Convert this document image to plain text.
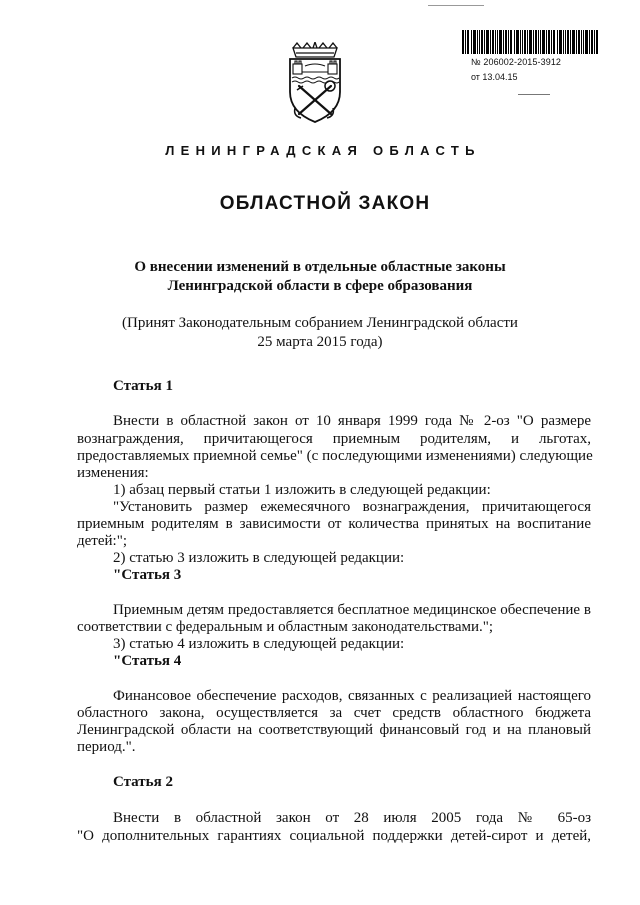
№ 206002-2015-3912
от 13.04.15
ЛЕНИНГРАДСКАЯ ОБЛАСТЬ
ОБЛАСТНОЙ ЗАКОН
О внесении изменений в отдельные областные законы
Ленинградской области в сфере образования
(Принят Законодательным собранием Ленинградской области
25 марта 2015 года)
Статья 1
Внести в областной закон от 10 января 1999 года № 2-оз "О размере
вознаграждения, причитающегося приемным родителям, и льготах,
предоставляемых приемной семье" (с последующими изменениями) следующие
изменения:
1) абзац первый статьи 1 изложить в следующей редакции:
"Установить размер ежемесячного вознаграждения, причитающегося
приемным родителям в зависимости от количества принятых на воспитание
детей:";
2) статью 3 изложить в следующей редакции:
"Статья 3
Приемным детям предоставляется бесплатное медицинское обеспечение в
соответствии с федеральным и областным законодательствами.";
3) статью 4 изложить в следующей редакции:
"Статья 4
Финансовое обеспечение расходов, связанных с реализацией настоящего
областного закона, осуществляется за счет средств областного бюджета
Ленинградской области на соответствующий финансовый год и на плановый
период.".
Статья 2
Внести в областной закон от 28 июля 2005 года № 65-оз
"О дополнительных гарантиях социальной поддержки детей-сирот и детей,
